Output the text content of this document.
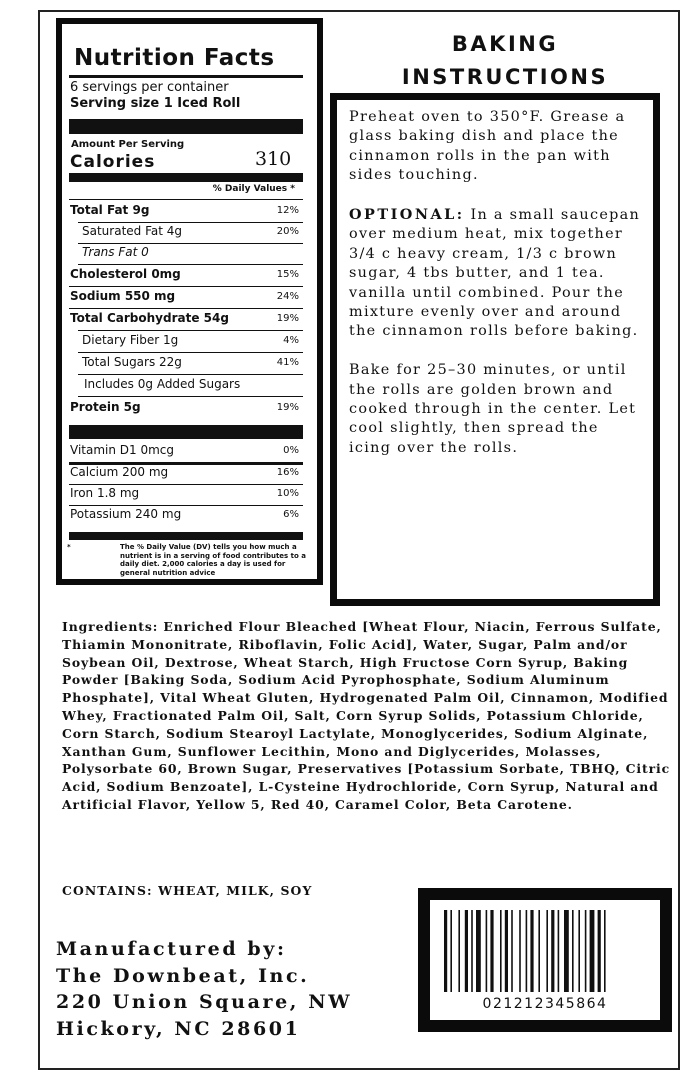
Nutrition Facts
6 servings per container
Serving size 1 Iced Roll
Amount Per Serving
Calories	310
% Daily Values *
Total Fat 9g	12%
Saturated Fat 4g	20%
Trans Fat 0
Cholesterol 0mg	15%
Sodium 550 mg	24%
Total Carbohydrate 54g	19%
Dietary Fiber 1g	4%
Total Sugars 22g	41%
Includes 0g Added Sugars
Protein 5g	19%
Vitamin D1 0mcg	0%
Calcium 200 mg	16%
Iron 1.8 mg	10%
Potassium 240 mg	6%
*	The % Daily Value (DV) tells you how much a nutrient is in a serving of food contributes to a daily diet. 2,000 calories a day is used for general nutrition advice
BAKING
INSTRUCTIONS

Preheat oven to 350°F. Grease a glass baking dish and place the cinnamon rolls in the pan with sides touching.

OPTIONAL: In a small saucepan over medium heat, mix together 3/4 c heavy cream, 1/3 c brown sugar, 4 tbs butter, and 1 tea. vanilla until combined. Pour the mixture evenly over and around the cinnamon rolls before baking.

Bake for 25–30 minutes, or until the rolls are golden brown and cooked through in the center. Let cool slightly, then spread the icing over the rolls.

Ingredients: Enriched Flour Bleached [Wheat Flour, Niacin, Ferrous Sulfate, Thiamin Mononitrate, Riboflavin, Folic Acid], Water, Sugar, Palm and/or Soybean Oil, Dextrose, Wheat Starch, High Fructose Corn Syrup, Baking Powder [Baking Soda, Sodium Acid Pyrophosphate, Sodium Aluminum Phosphate], Vital Wheat Gluten, Hydrogenated Palm Oil, Cinnamon, Modified Whey, Fractionated Palm Oil, Salt, Corn Syrup Solids, Potassium Chloride, Corn Starch, Sodium Stearoyl Lactylate, Monoglycerides, Sodium Alginate, Xanthan Gum, Sunflower Lecithin, Mono and Diglycerides, Molasses, Polysorbate 60, Brown Sugar, Preservatives [Potassium Sorbate, TBHQ, Citric Acid, Sodium Benzoate], L-Cysteine Hydrochloride, Corn Syrup, Natural and Artificial Flavor, Yellow 5, Red 40, Caramel Color, Beta Carotene.
CONTAINS: WHEAT, MILK, SOY
Manufactured by:
The Downbeat, Inc.
220 Union Square, NW
Hickory, NC 28601
021212345864
